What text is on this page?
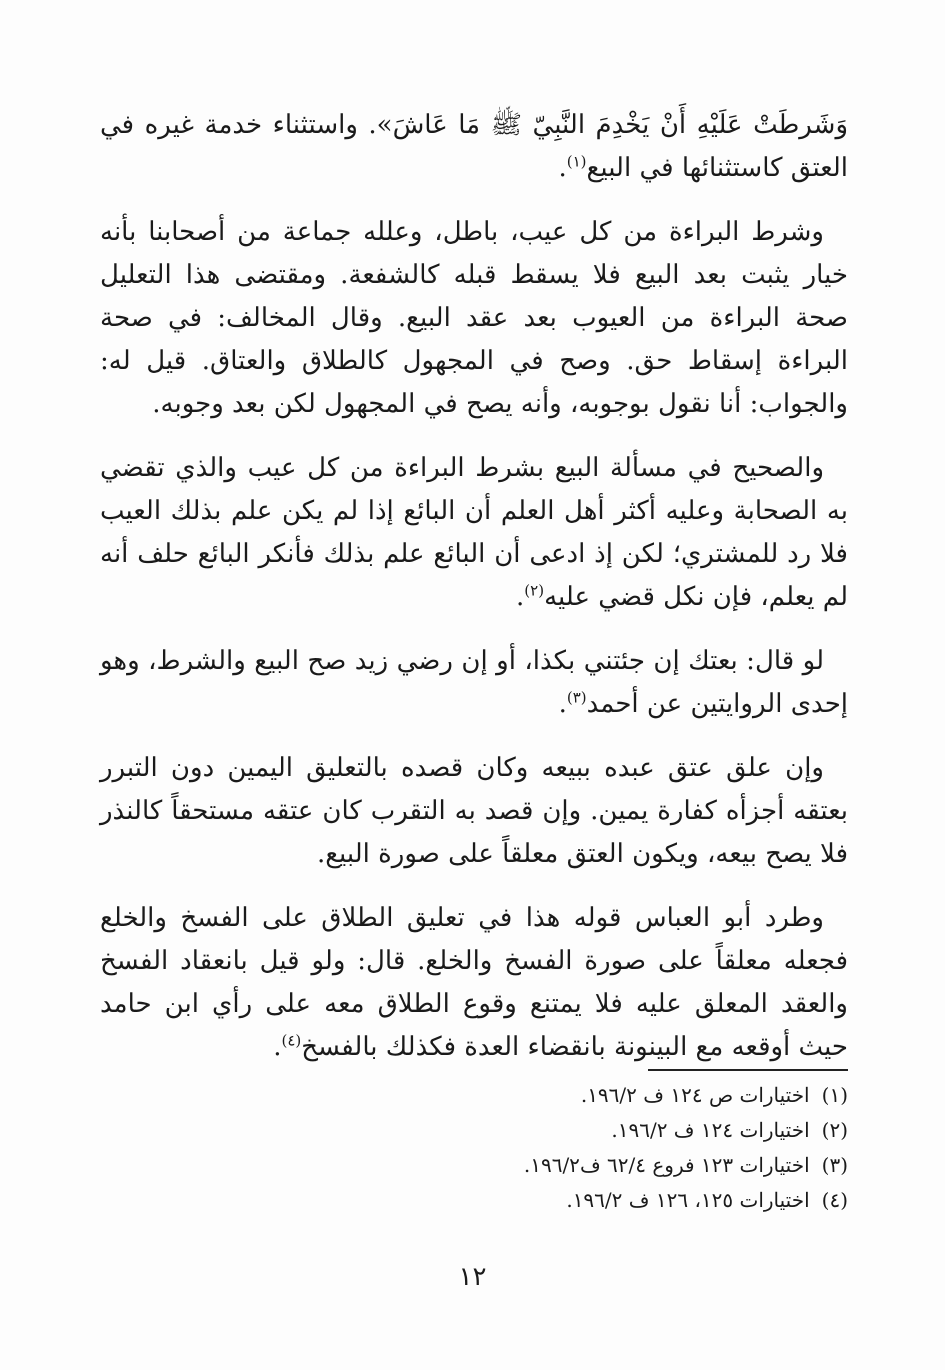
وَشَرطَتْ عَلَيْهِ أَنْ يَخْدِمَ النَّبِيّ ﷺ مَا عَاشَ». واستثناء خدمة غيره في العتق كاستثنائها في البيع$^{(١)}$.

وشرط البراءة من كل عيب، باطل، وعلله جماعة من أصحابنا بأنه خيار يثبت بعد البيع فلا يسقط قبله كالشفعة. ومقتضى هذا التعليل صحة البراءة من العيوب بعد عقد البيع. وقال المخالف: في صحة البراءة إسقاط حق. وصح في المجهول كالطلاق والعتاق. قيل له: والجواب: أنا نقول بوجوبه، وأنه يصح في المجهول لكن بعد وجوبه.

والصحيح في مسألة البيع بشرط البراءة من كل عيب والذي تقضي به الصحابة وعليه أكثر أهل العلم أن البائع إذا لم يكن علم بذلك العيب فلا رد للمشتري؛ لكن إذ ادعى أن البائع علم بذلك فأنكر البائع حلف أنه لم يعلم، فإن نكل قضي عليه$^{(٢)}$.

لو قال: بعتك إن جئتني بكذا، أو إن رضي زيد صح البيع والشرط، وهو إحدى الروايتين عن أحمد$^{(٣)}$.

وإن علق عتق عبده ببيعه وكان قصده بالتعليق اليمين دون التبرر بعتقه أجزأه كفارة يمين. وإن قصد به التقرب كان عتقه مستحقاً كالنذر فلا يصح بيعه، ويكون العتق معلقاً على صورة البيع.

وطرد أبو العباس قوله هذا في تعليق الطلاق على الفسخ والخلع فجعله معلقاً على صورة الفسخ والخلع. قال: ولو قيل بانعقاد الفسخ والعقد المعلق عليه فلا يمتنع وقوع الطلاق معه على رأي ابن حامد حيث أوقعه مع البينونة بانقضاء العدة فكذلك بالفسخ$^{(٤)}$.

(١)
اختيارات ص ١٢٤ ف ١٩٦/٢.
(٢)
اختيارات ١٢٤ ف ١٩٦/٢.
(٣)
اختيارات ١٢٣ فروع ٦٢/٤ ف١٩٦/٢.
(٤)
اختيارات ١٢٥، ١٢٦ ف ١٩٦/٢.
١٢
